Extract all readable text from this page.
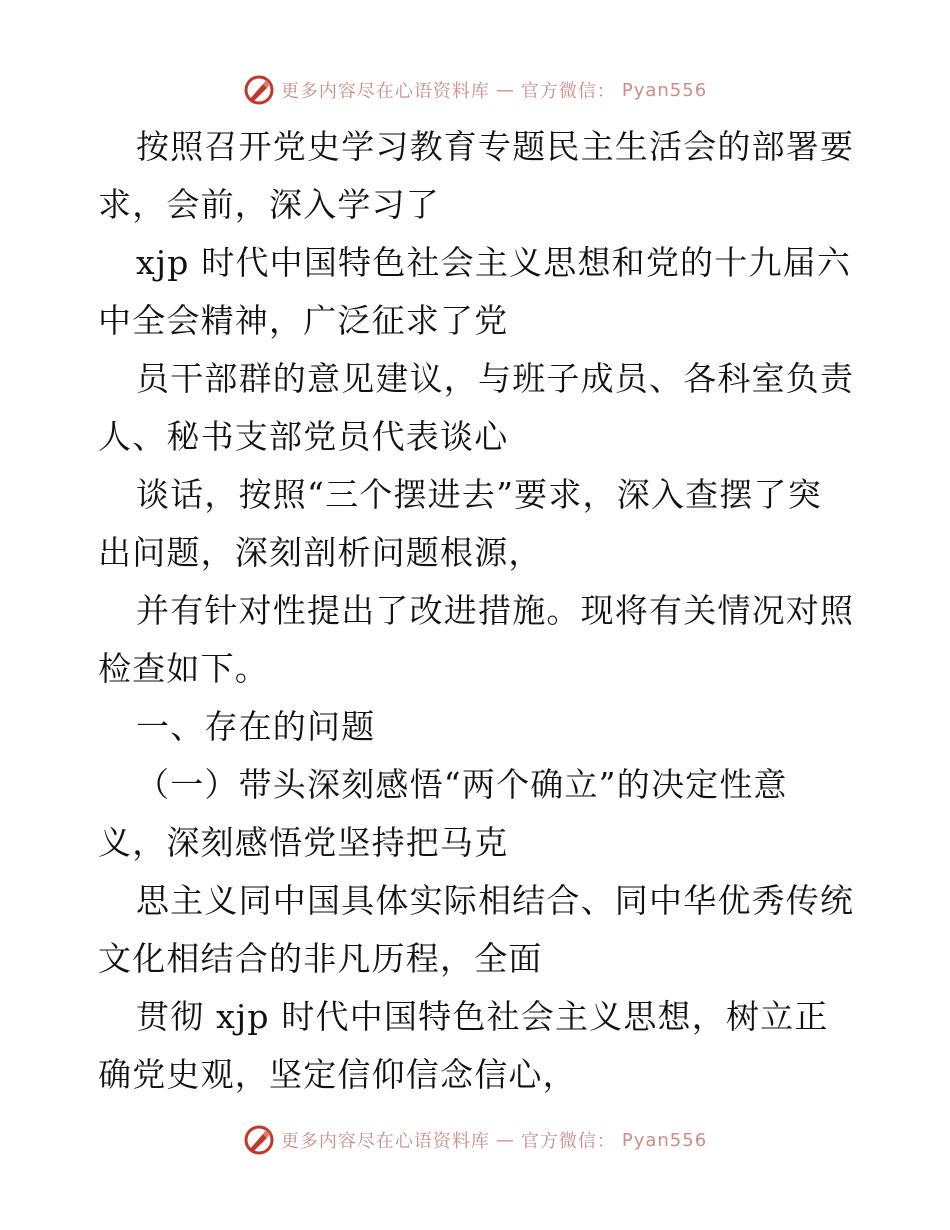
更多内容尽在心语资料库 — 官方微信： Pyan556
按照召开党史学习教育专题民主生活会的部署要
求，会前，深入学习了
xjp 时代中国特色社会主义思想和党的十九届六
中全会精神，广泛征求了党
员干部群的意见建议，与班子成员、各科室负责
人、秘书支部党员代表谈心
谈话，按照“三个摆进去”要求，深入查摆了突
出问题，深刻剖析问题根源，
并有针对性提出了改进措施。现将有关情况对照
检查如下。
一、存在的问题
（一）带头深刻感悟“两个确立”的决定性意
义，深刻感悟党坚持把马克
思主义同中国具体实际相结合、同中华优秀传统
文化相结合的非凡历程，全面
贯彻 xjp 时代中国特色社会主义思想，树立正
确党史观，坚定信仰信念信心，
更多内容尽在心语资料库 — 官方微信： Pyan556
